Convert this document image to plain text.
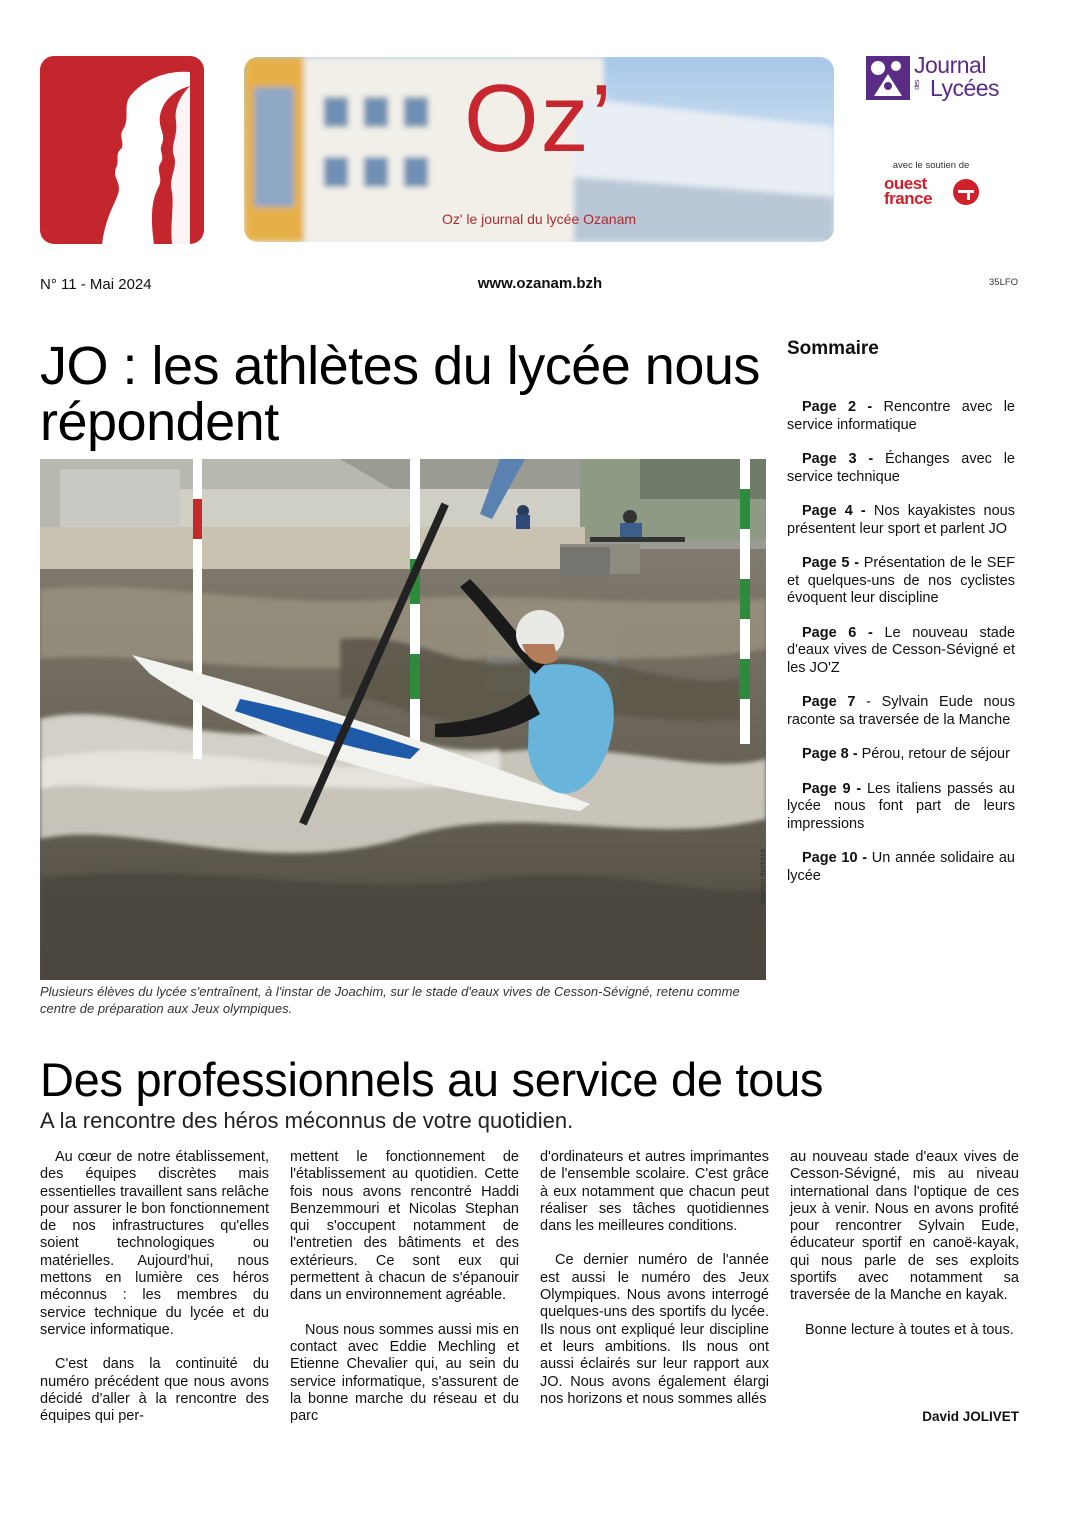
Oz’
Oz' le journal du lycée Ozanam
Journal
des Lycées
avec le soutien de
ouest
france
N° 11 - Mai 2024	www.ozanam.bzh	35LFO
JO : les athlètes du lycée nous répondent
Joachim Berthelot
Plusieurs élèves du lycée s'entraînent, à l'instar de Joachim, sur le stade d'eaux vives de Cesson-Sévigné, retenu comme centre de préparation aux Jeux olympiques.
Sommaire
Page 2 - Rencontre avec le service informatique
Page 3 - Échanges avec le service technique
Page 4 - Nos kayakistes nous présentent leur sport et parlent JO
Page 5 - Présentation de le SEF et quelques-uns de nos cyclistes évoquent leur discipline
Page 6 - Le nouveau stade d'eaux vives de Cesson-Sévigné et les JO'Z
Page 7 - Sylvain Eude nous raconte sa traversée de la Manche
Page 8 - Pérou, retour de séjour
Page 9 - Les italiens passés au lycée nous font part de leurs impressions
Page 10 - Un année solidaire au lycée
Des professionnels au service de tous
A la rencontre des héros méconnus de votre quotidien.

Au cœur de notre établissement, des équipes discrètes mais essentielles travaillent sans relâche pour assurer le bon fonctionnement de nos infrastructures qu'elles soient technologiques ou matérielles. Aujourd'hui, nous mettons en lumière ces héros méconnus : les membres du service technique du lycée et du service informatique.

C'est dans la continuité du numéro précédent que nous avons décidé d'aller à la rencontre des équipes qui per-

mettent le fonctionnement de l'établissement au quotidien. Cette fois nous avons rencontré Haddi Benzemmouri et Nicolas Stephan qui s'occupent notamment de l'entretien des bâtiments et des extérieurs. Ce sont eux qui permettent à chacun de s'épanouir dans un environnement agréable.

Nous nous sommes aussi mis en contact avec Eddie Mechling et Etienne Chevalier qui, au sein du service informatique, s'assurent de la bonne marche du réseau et du parc

d'ordinateurs et autres imprimantes de l'ensemble scolaire. C'est grâce à eux notamment que chacun peut réaliser ses tâches quotidiennes dans les meilleures conditions.

Ce dernier numéro de l'année est aussi le numéro des Jeux Olympiques. Nous avons interrogé quelques-uns des sportifs du lycée. Ils nous ont expliqué leur discipline et leurs ambitions. Ils nous ont aussi éclairés sur leur rapport aux JO. Nous avons également élargi nos horizons et nous sommes allés

au nouveau stade d'eaux vives de Cesson-Sévigné, mis au niveau international dans l'optique de ces jeux à venir. Nous en avons profité pour rencontrer Sylvain Eude, éducateur sportif en canoë-kayak, qui nous parle de ses exploits sportifs avec notamment sa traversée de la Manche en kayak.

Bonne lecture à toutes et à tous.

David JOLIVET
